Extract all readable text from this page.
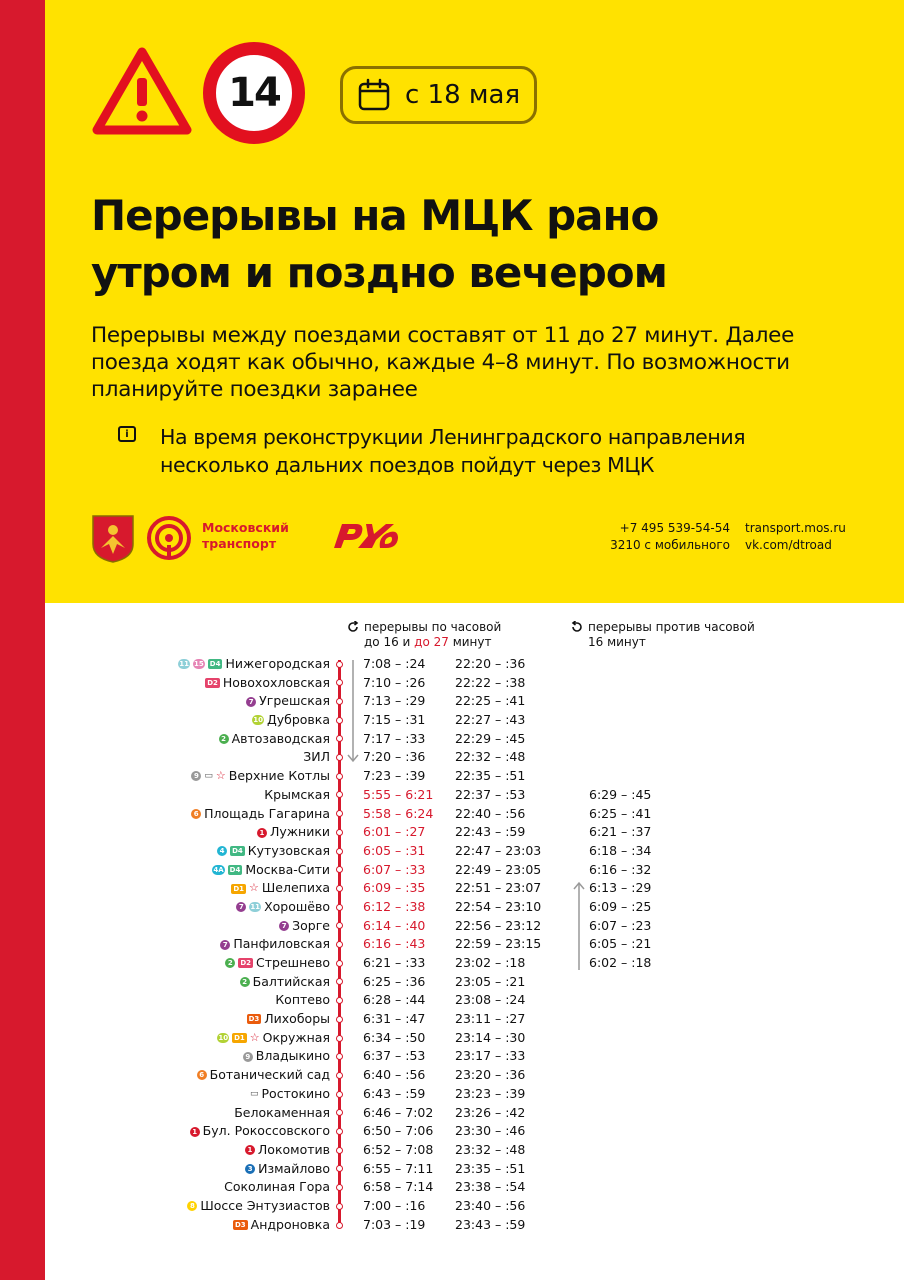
14	с 18 мая
Перерывы на МЦК рано
утром и поздно вечером
Перерывы между поездами составят от 11 до 27 минут. Далее
поезда ходят как обычно, каждые 4–8 минут. По возможности
планируйте поездки заранее
i	На время реконструкции Ленинградского направления
несколько дальних поездов пойдут через МЦК
Московский
транспорт
+7 495 539-54-54
3210 с мобильного
transport.mos.ru
vk.com/dtroad
перерывы по часовой
до 16 и до 27 минут
перерывы против часовой
16 минут
11 15 D4 Нижегородская	7:08 – :24 22:20 – :36
D2 Новохохловская	7:10 – :26 22:22 – :38
7 Угрешская	7:13 – :29 22:25 – :41
10 Дубровка	7:15 – :31 22:27 – :43
2 Автозаводская	7:17 – :33 22:29 – :45
ЗИЛ	7:20 – :36 22:32 – :48
9 ▭ ☆ Верхние Котлы	7:23 – :39 22:35 – :51
Крымская	5:55 – 6:21 22:37 – :53	6:29 – :45
6 Площадь Гагарина	5:58 – 6:24 22:40 – :56	6:25 – :41
1 Лужники	6:01 – :27 22:43 – :59	6:21 – :37
4	D4 Кутузовская	6:05 – :31 22:47 – 23:03	6:18 – :34
4A D4 Москва-Сити	6:07 – :33 22:49 – 23:05	6:16 – :32
D1 ☆ Шелепиха	6:09 – :35 22:51 – 23:07	6:13 – :29
7 11 Хорошёво	6:12 – :38 22:54 – 23:10	6:09 – :25
7 Зорге	6:14 – :40 22:56 – 23:12	6:07 – :23
7 Панфиловская	6:16 – :43 22:59 – 23:15	6:05 – :21
2	D2 Стрешнево	6:21 – :33 23:02 – :18	6:02 – :18
2 Балтийская	6:25 – :36 23:05 – :21
Коптево	6:28 – :44 23:08 – :24
D3 Лихоборы	6:31 – :47 23:11 – :27
10 D1 ☆ Окружная	6:34 – :50 23:14 – :30
9 Владыкино	6:37 – :53 23:17 – :33
6 Ботанический сад	6:40 – :56 23:20 – :36
▭ Ростокино	6:43 – :59 23:23 – :39
Белокаменная	6:46 – 7:02 23:26 – :42
1 Бул. Рокоссовского	6:50 – 7:06 23:30 – :46
1 Локомотив	6:52 – 7:08 23:32 – :48
3 Измайлово	6:55 – 7:11 23:35 – :51
Соколиная Гора	6:58 – 7:14 23:38 – :54
8 Шоссе Энтузиастов	7:00 – :16 23:40 – :56
D3 Андроновка	7:03 – :19 23:43 – :59
